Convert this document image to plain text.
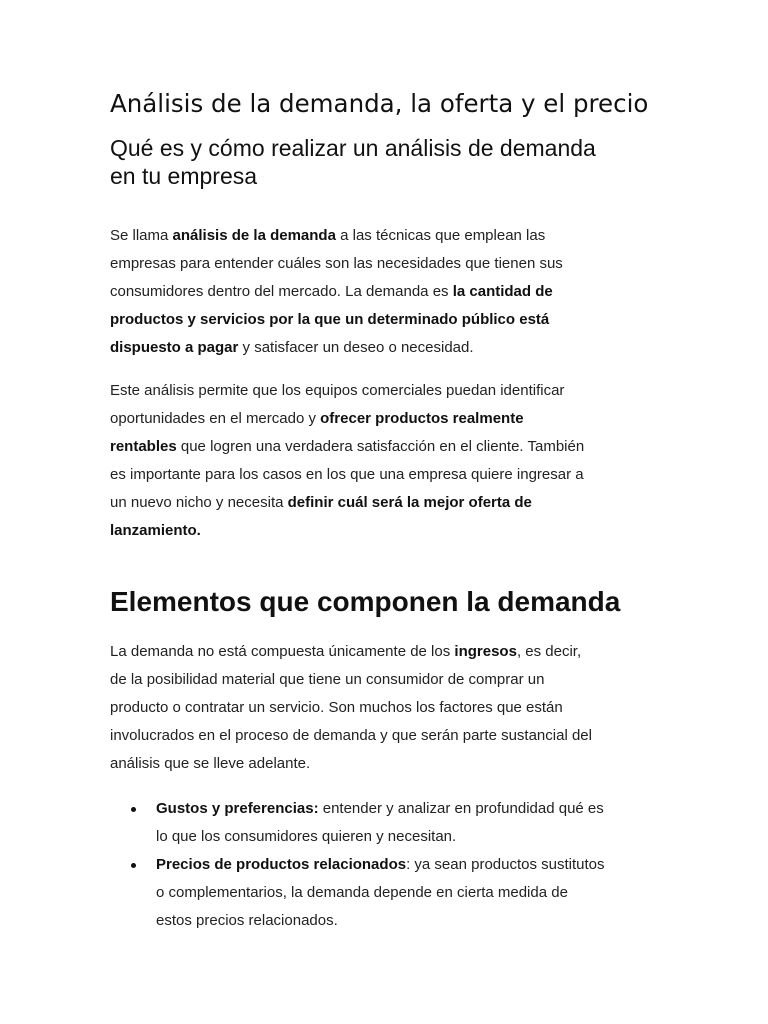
Análisis de la demanda, la oferta y el precio
Qué es y cómo realizar un análisis de demanda
en tu empresa
Se llama análisis de la demanda a las técnicas que emplean las
empresas para entender cuáles son las necesidades que tienen sus
consumidores dentro del mercado. La demanda es la cantidad de
productos y servicios por la que un determinado público está
dispuesto a pagar y satisfacer un deseo o necesidad.
Este análisis permite que los equipos comerciales puedan identificar
oportunidades en el mercado y ofrecer productos realmente
rentables que logren una verdadera satisfacción en el cliente. También
es importante para los casos en los que una empresa quiere ingresar a
un nuevo nicho y necesita definir cuál será la mejor oferta de
lanzamiento.
Elementos que componen la demanda
La demanda no está compuesta únicamente de los ingresos, es decir,
de la posibilidad material que tiene un consumidor de comprar un
producto o contratar un servicio. Son muchos los factores que están
involucrados en el proceso de demanda y que serán parte sustancial del
análisis que se lleve adelante.
Gustos y preferencias: entender y analizar en profundidad qué es
lo que los consumidores quieren y necesitan.
Precios de productos relacionados: ya sean productos sustitutos
o complementarios, la demanda depende en cierta medida de
estos precios relacionados.
